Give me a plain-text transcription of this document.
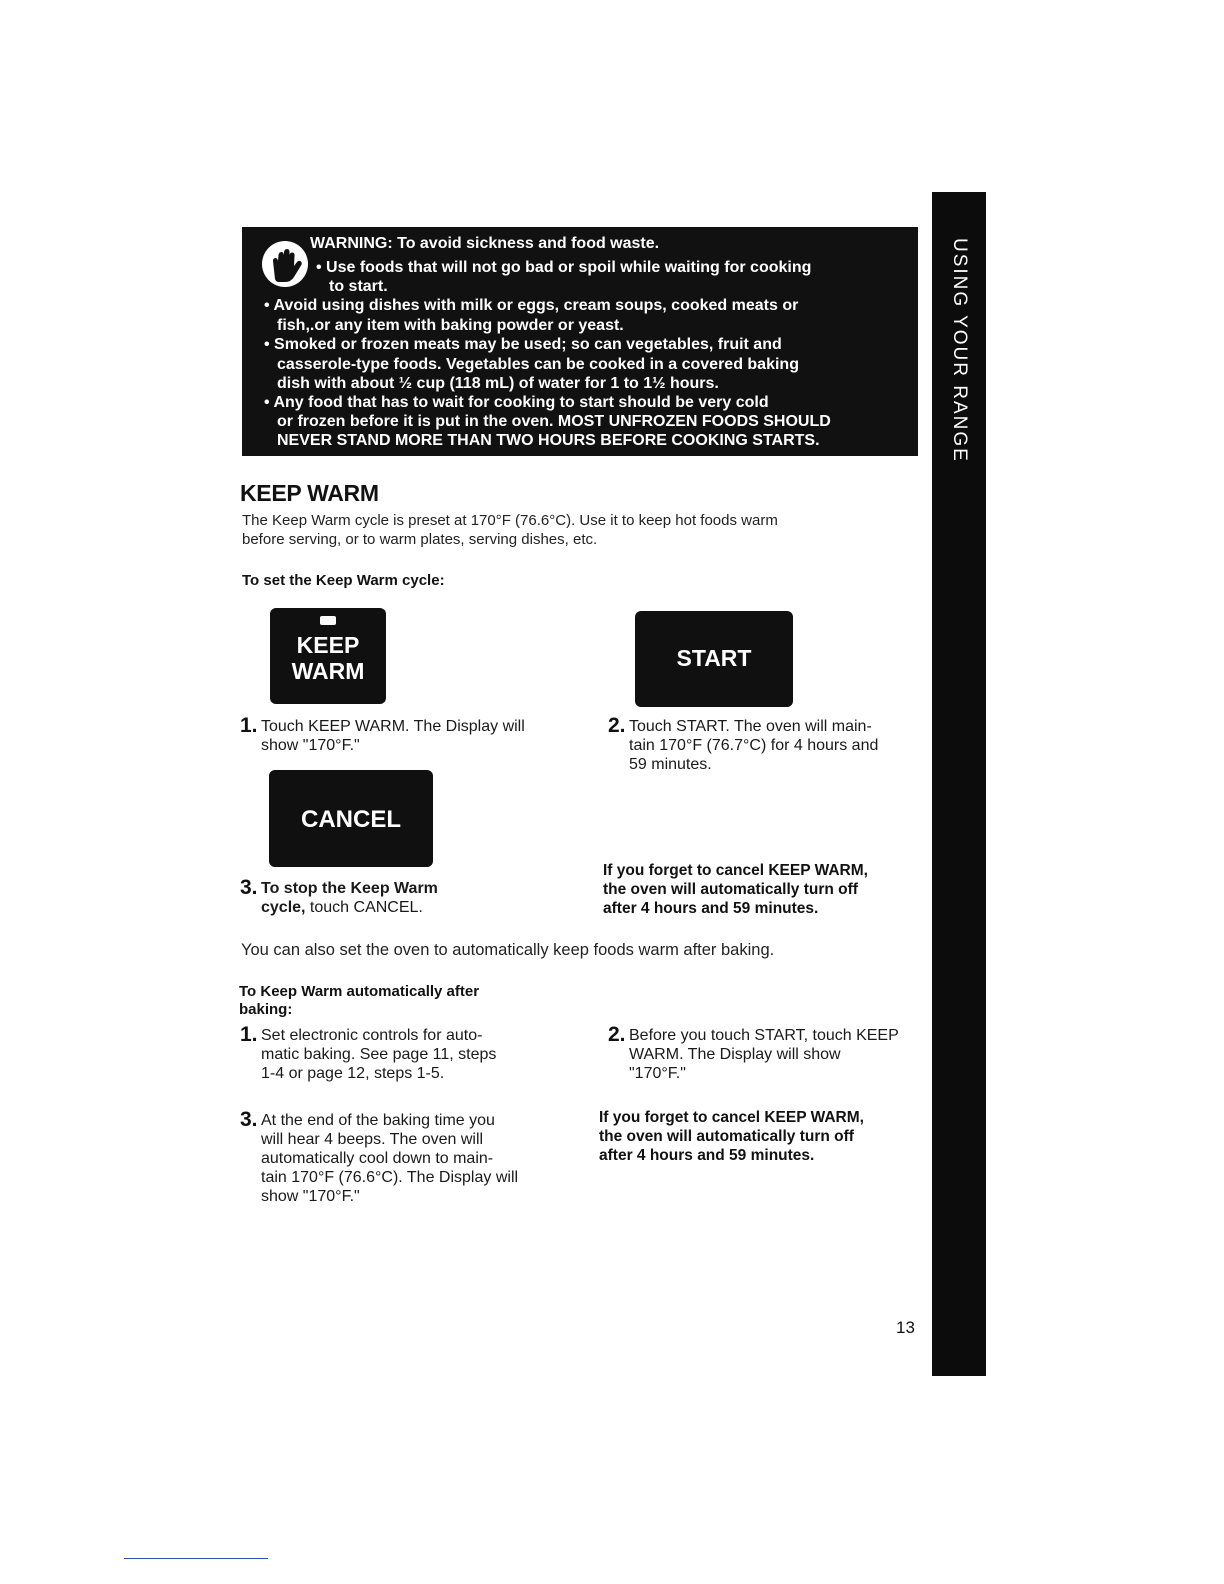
USING YOUR RANGE
WARNING: To avoid sickness and food waste.
• Use foods that will not go bad or spoil while waiting for cooking
to start.
• Avoid using dishes with milk or eggs, cream soups, cooked meats or
fish,.or any item with baking powder or yeast.
• Smoked or frozen meats may be used; so can vegetables, fruit and
casserole-type foods. Vegetables can be cooked in a covered baking
dish with about ½ cup (118 mL) of water for 1 to 1½ hours.
• Any food that has to wait for cooking to start should be very cold
or frozen before it is put in the oven. MOST UNFROZEN FOODS SHOULD
NEVER STAND MORE THAN TWO HOURS BEFORE COOKING STARTS.
KEEP WARM
The Keep Warm cycle is preset at 170°F (76.6°C). Use it to keep hot foods warm
before serving, or to warm plates, serving dishes, etc.
To set the Keep Warm cycle:
KEEP
WARM	START
1. Touch KEEP WARM. The Display will
show "170°F."
2. Touch START. The oven will main-
tain 170°F (76.7°C) for 4 hours and
59 minutes.
CANCEL
3. To stop the Keep Warm
cycle, touch CANCEL.
If you forget to cancel KEEP WARM,
the oven will automatically turn off
after 4 hours and 59 minutes.
You can also set the oven to automatically keep foods warm after baking.
To Keep Warm automatically after
baking:
1. Set electronic controls for auto-
matic baking. See page 11, steps
1-4 or page 12, steps 1-5.
2. Before you touch START, touch KEEP
WARM. The Display will show
"170°F."
3. At the end of the baking time you
will hear 4 beeps. The oven will
automatically cool down to main-
tain 170°F (76.6°C). The Display will
show "170°F."
If you forget to cancel KEEP WARM,
the oven will automatically turn off
after 4 hours and 59 minutes.
13
